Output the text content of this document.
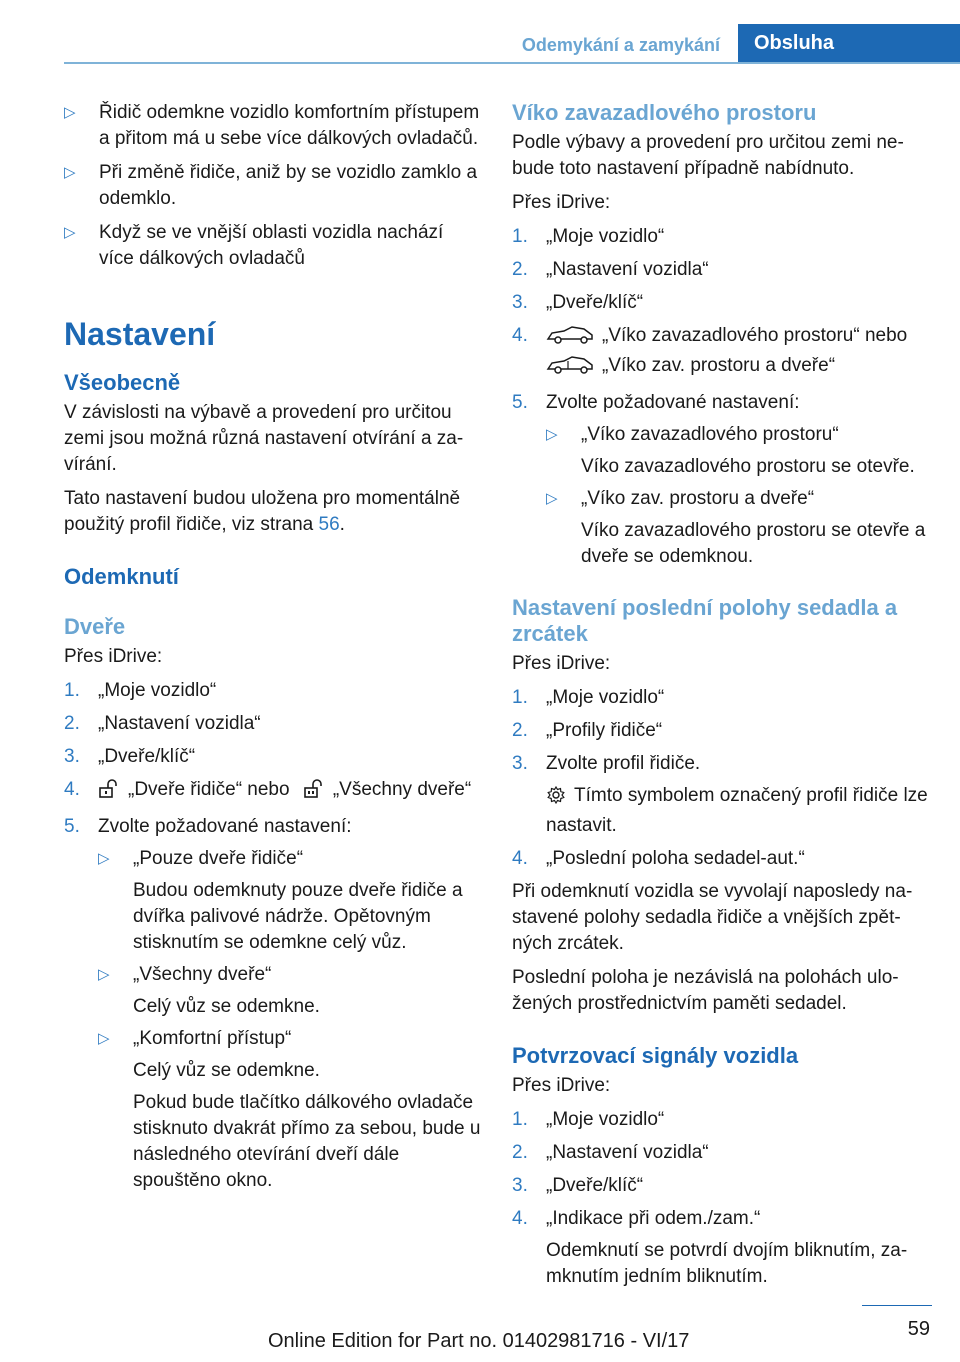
Odemykání a zamykání	Obsluha
▷ Řidič odemkne vozidlo komfortním přístupem a přitom má u sebe více dálkových ovladačů.
▷ Při změně řidiče, aniž by se vozidlo zamklo a odemklo.
▷ Když se ve vnější oblasti vozidla nachází více dálkových ovladačů
Nastavení
Všeobecně
V závislosti na výbavě a provedení pro určitou zemi jsou možná různá nastavení otvírání a zavírání.
Tato nastavení budou uložena pro momentálně použitý profil řidiče, viz strana 56.
Odemknutí
Dveře
Přes iDrive:
1. „Moje vozidlo“
2. „Nastavení vozidla“
3. „Dveře/klíč“
4.	„Dveře řidiče“ nebo „Všechny dveře“
5. Zvolte požadované nastavení:
▷ „Pouze dveře řidiče“
Budou odemknuty pouze dveře řidiče a dvířka palivové nádrže. Opětovným stisknutím se odemkne celý vůz.
▷ „Všechny dveře“
Celý vůz se odemkne.
▷ „Komfortní přístup“
Celý vůz se odemkne.
Pokud bude tlačítko dálkového ovladače stisknuto dvakrát přímo za sebou, bude u následného otevírání dveří dále spouštěno okno.
Víko zavazadlového prostoru
Podle výbavy a provedení pro určitou zemi nebude toto nastavení případně nabídnuto.
Přes iDrive:
1. „Moje vozidlo“
2. „Nastavení vozidla“
3. „Dveře/klíč“
4.	„Víko zavazadlového prostoru“ nebo
„Víko zav. prostoru a dveře“
5. Zvolte požadované nastavení:
▷ „Víko zavazadlového prostoru“
Víko zavazadlového prostoru se otevře.
▷ „Víko zav. prostoru a dveře“
Víko zavazadlového prostoru se otevře a dveře se odemknou.
Nastavení poslední polohy sedadla a zrcátek
Přes iDrive:
1. „Moje vozidlo“
2. „Profily řidiče“
3. Zvolte profil řidiče.
Tímto symbolem označený profil řidiče lze nastavit.
4. „Poslední poloha sedadel-aut.“
Při odemknutí vozidla se vyvolají naposledy nastavené polohy sedadla řidiče a vnějších zpětných zrcátek.
Poslední poloha je nezávislá na polohách uložených prostřednictvím paměti sedadel.
Potvrzovací signály vozidla
Přes iDrive:
1. „Moje vozidlo“
2. „Nastavení vozidla“
3. „Dveře/klíč“
4. „Indikace při odem./zam.“
Odemknutí se potvrdí dvojím bliknutím, zamknutím jedním bliknutím.
59
Online Edition for Part no. 01402981716 - VI/17
